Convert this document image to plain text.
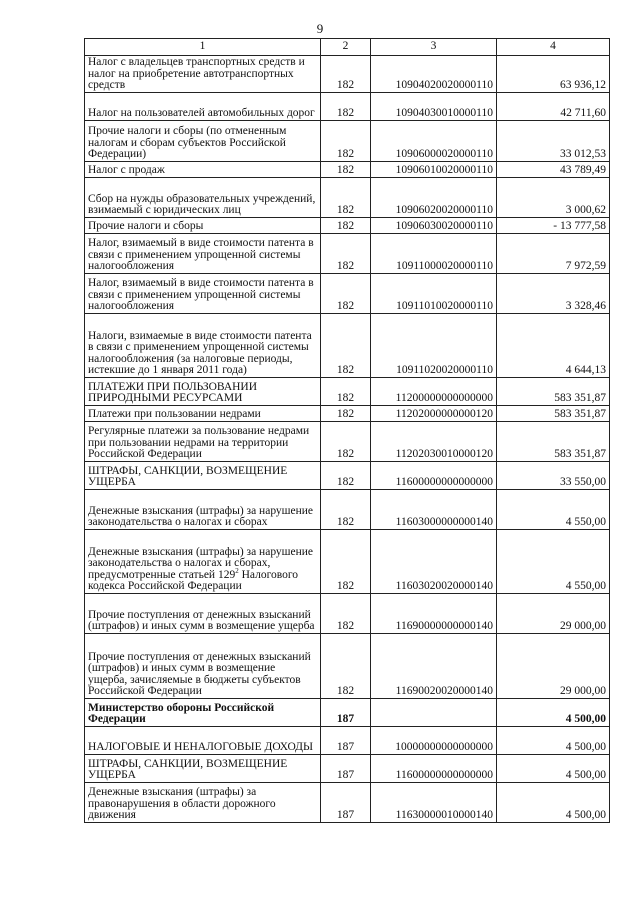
9
1	2	3	4
Налог с владельцев транспортных средств и налог на приобретение автотранспортных средств	182	10904020020000110	63 936,12
Налог на пользователей автомобильных дорог	182	10904030010000110	42 711,60
Прочие налоги и сборы (по отмененным налогам и сборам субъектов Российской Федерации)	182	10906000020000110	33 012,53
Налог с продаж	182	10906010020000110	43 789,49
Сбор на нужды образовательных учреждений, взимаемый с юридических лиц	182	10906020020000110	3 000,62
Прочие налоги и сборы	182	10906030020000110	- 13 777,58
Налог, взимаемый в виде стоимости патента в связи с применением упрощенной системы налогообложения	182	10911000020000110	7 972,59
Налог, взимаемый в виде стоимости патента в связи с применением упрощенной системы налогообложения	182	10911010020000110	3 328,46
Налоги, взимаемые в виде стоимости патента в связи с применением упрощенной системы налогообложения (за налоговые периоды, истекшие до 1 января 2011 года)	182	10911020020000110	4 644,13
ПЛАТЕЖИ ПРИ ПОЛЬЗОВАНИИ ПРИРОДНЫМИ РЕСУРСАМИ	182	11200000000000000	583 351,87
Платежи при пользовании недрами	182	11202000000000120	583 351,87
Регулярные платежи за пользование недрами при пользовании недрами на территории Российской Федерации	182	11202030010000120	583 351,87
ШТРАФЫ, САНКЦИИ, ВОЗМЕЩЕНИЕ УЩЕРБА	182	11600000000000000	33 550,00
Денежные взыскания (штрафы) за нарушение законодательства о налогах и сборах	182	11603000000000140	4 550,00
Денежные взыскания (штрафы) за нарушение законодательства о налогах и сборах, предусмотренные статьей $129^2$ Налогового кодекса Российской Федерации	182	11603020020000140	4 550,00
Прочие поступления от денежных взысканий (штрафов) и иных сумм в возмещение ущерба	182	11690000000000140	29 000,00
Прочие поступления от денежных взысканий (штрафов) и иных сумм в возмещение ущерба, зачисляемые в бюджеты субъектов Российской Федерации	182	11690020020000140	29 000,00
Министерство обороны Российской Федерации	187		4 500,00
НАЛОГОВЫЕ И НЕНАЛОГОВЫЕ ДОХОДЫ	187	10000000000000000	4 500,00
ШТРАФЫ, САНКЦИИ, ВОЗМЕЩЕНИЕ УЩЕРБА	187	11600000000000000	4 500,00
Денежные взыскания (штрафы) за правонарушения в области дорожного движения	187	11630000010000140	4 500,00
